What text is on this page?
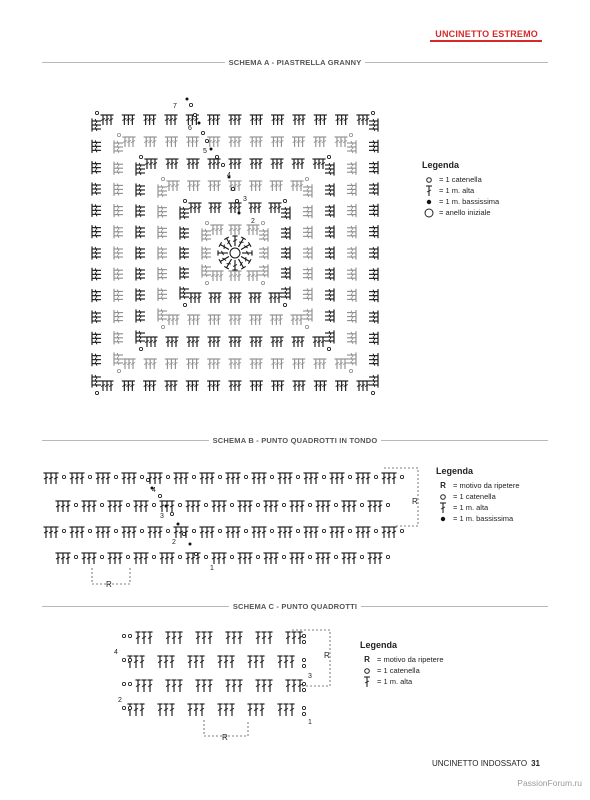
UNCINETTO ESTREMO
SCHEMA A - PIASTRELLA GRANNY
7
6
5
4
3
2
Legenda
= 1 catenella
= 1 m. alta
= 1 m. bassissima
= anello iniziale
SCHEMA B - PUNTO QUADROTTI IN TONDO
4
3
2
1
R
R
Legenda
R = motivo da ripetere
= 1 catenella
= 1 m. alta
= 1 m. bassissima
SCHEMA C - PUNTO QUADROTTI
4
3
2
1
R
R
Legenda
R = motivo da ripetere
= 1 catenella
= 1 m. alta
UNCINETTO INDOSSATO 31
PassionForum.ru
